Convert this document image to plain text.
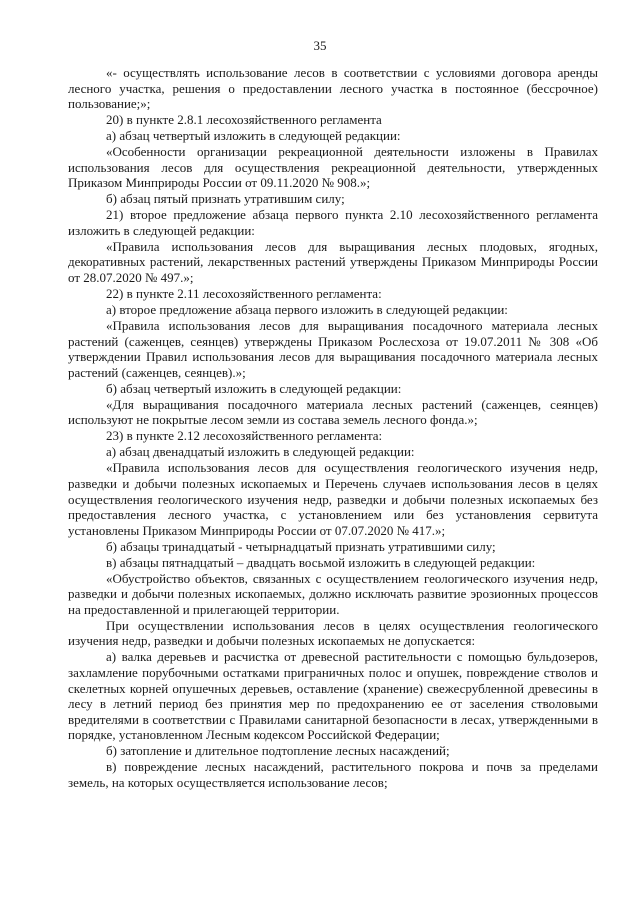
35

«- осуществлять использование лесов в соответствии с условиями договора аренды лесного участка, решения о предоставлении лесного участка в постоянное (бессрочное) пользование;»;

20) в пункте 2.8.1 лесохозяйственного регламента

а) абзац четвертый изложить в следующей редакции:

«Особенности организации рекреационной деятельности изложены в Правилах использования лесов для осуществления рекреационной деятельности, утвержденных Приказом Минприроды России от 09.11.2020 № 908.»;

б) абзац пятый признать утратившим силу;

21) второе предложение абзаца первого пункта 2.10 лесохозяйственного регламента изложить в следующей редакции:

«Правила использования лесов для выращивания лесных плодовых, ягодных, декоративных растений, лекарственных растений утверждены Приказом Минприроды России от 28.07.2020 № 497.»;

22) в пункте 2.11 лесохозяйственного регламента:

а) второе предложение абзаца первого изложить в следующей редакции:

«Правила использования лесов для выращивания посадочного материала лесных растений (саженцев, сеянцев) утверждены Приказом Рослесхоза от 19.07.2011 № 308 «Об утверждении Правил использования лесов для выращивания посадочного материала лесных растений (саженцев, сеянцев).»;

б) абзац четвертый изложить в следующей редакции:

«Для выращивания посадочного материала лесных растений (саженцев, сеянцев) используют не покрытые лесом земли из состава земель лесного фонда.»;

23) в пункте 2.12 лесохозяйственного регламента:

а) абзац двенадцатый изложить в следующей редакции:

«Правила использования лесов для осуществления геологического изучения недр, разведки и добычи полезных ископаемых и Перечень случаев использования лесов в целях осуществления геологического изучения недр, разведки и добычи полезных ископаемых без предоставления лесного участка, с установлением или без установления сервитута установлены Приказом Минприроды России от 07.07.2020 № 417.»;

б) абзацы тринадцатый - четырнадцатый признать утратившими силу;

в) абзацы пятнадцатый – двадцать восьмой изложить в следующей редакции:

«Обустройство объектов, связанных с осуществлением геологического изучения недр, разведки и добычи полезных ископаемых, должно исключать развитие эрозионных процессов на предоставленной и прилегающей территории.

При осуществлении использования лесов в целях осуществления геологического изучения недр, разведки и добычи полезных ископаемых не допускается:

а) валка деревьев и расчистка от древесной растительности с помощью бульдозеров, захламление порубочными остатками приграничных полос и опушек, повреждение стволов и скелетных корней опушечных деревьев, оставление (хранение) свежесрубленной древесины в лесу в летний период без принятия мер по предохранению ее от заселения стволовыми вредителями в соответствии с Правилами санитарной безопасности в лесах, утвержденными в порядке, установленном Лесным кодексом Российской Федерации;

б) затопление и длительное подтопление лесных насаждений;

в) повреждение лесных насаждений, растительного покрова и почв за пределами земель, на которых осуществляется использование лесов;
